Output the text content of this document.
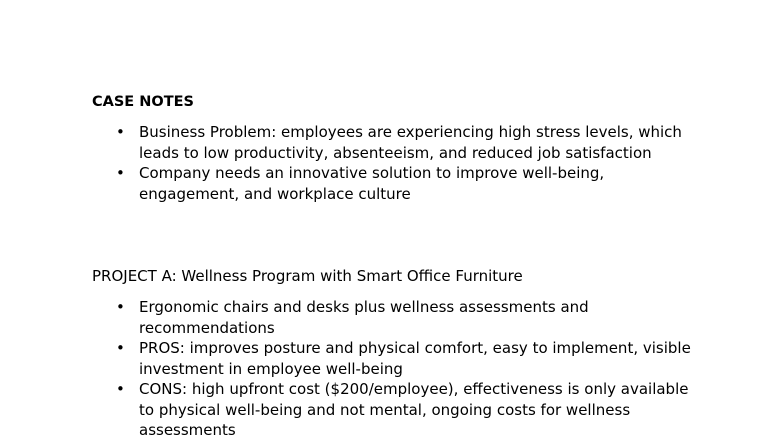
CASE NOTES
• Business Problem: employees are experiencing high stress levels, which leads to low productivity, absenteeism, and reduced job satisfaction
• Company needs an innovative solution to improve well-being, engagement, and workplace culture
PROJECT A: Wellness Program with Smart Office Furniture
• Ergonomic chairs and desks plus wellness assessments and recommendations
• PROS: improves posture and physical comfort, easy to implement, visible investment in employee well-being
• CONS: high upfront cost ($200/employee), effectiveness is only available to physical well-being and not mental, ongoing costs for wellness assessments
